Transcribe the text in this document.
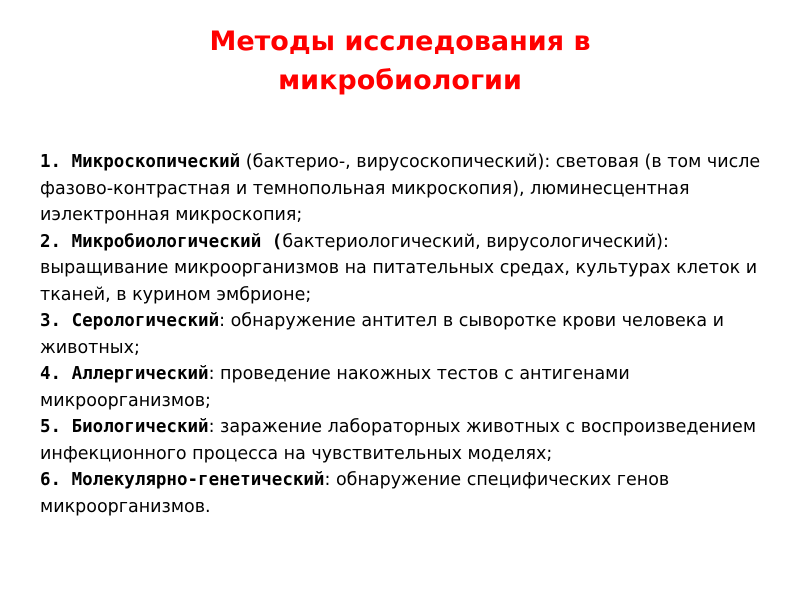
Методы исследования в
микробиологии
1. Микроскопический (бактерио-, вирусоскопический): световая (в том числе фазово-контрастная и темнопольная микроскопия), люминесцентная иэлектронная микроскопия;
2. Микробиологический (бактериологический, вирусологический): выращивание микроорганизмов на питательных средах, культурах клеток и тканей, в курином эмбрионе;
3. Серологический: обнаружение антител в сыворотке крови человека и животных;
4. Аллергический: проведение накожных тестов с антигенами микроорганизмов;
5. Биологический: заражение лабораторных животных с воспроизведением инфекционного процесса на чувствительных моделях;
6. Молекулярно-генетический: обнаружение специфических генов микроорганизмов.
